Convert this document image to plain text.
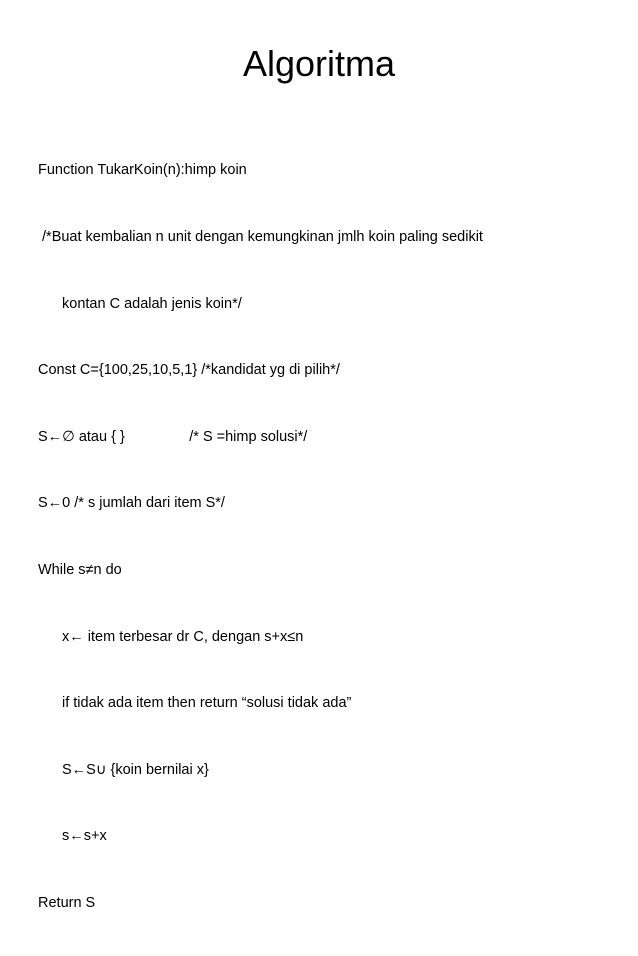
Algoritma

Function TukarKoin(n):himp koin

/*Buat kembalian n unit dengan kemungkinan jmlh koin paling sedikit

kontan C adalah jenis koin*/

Const C={100,25,10,5,1} /*kandidat yg di pilih*/

S←∅ atau { }                /* S =himp solusi*/

S←0 /* s jumlah dari item S*/

While s≠n do

x← item terbesar dr C, dengan s+x≤n

if tidak ada item then return “solusi tidak ada”

S←S∪ {koin bernilai x}

s←s+x

Return S
